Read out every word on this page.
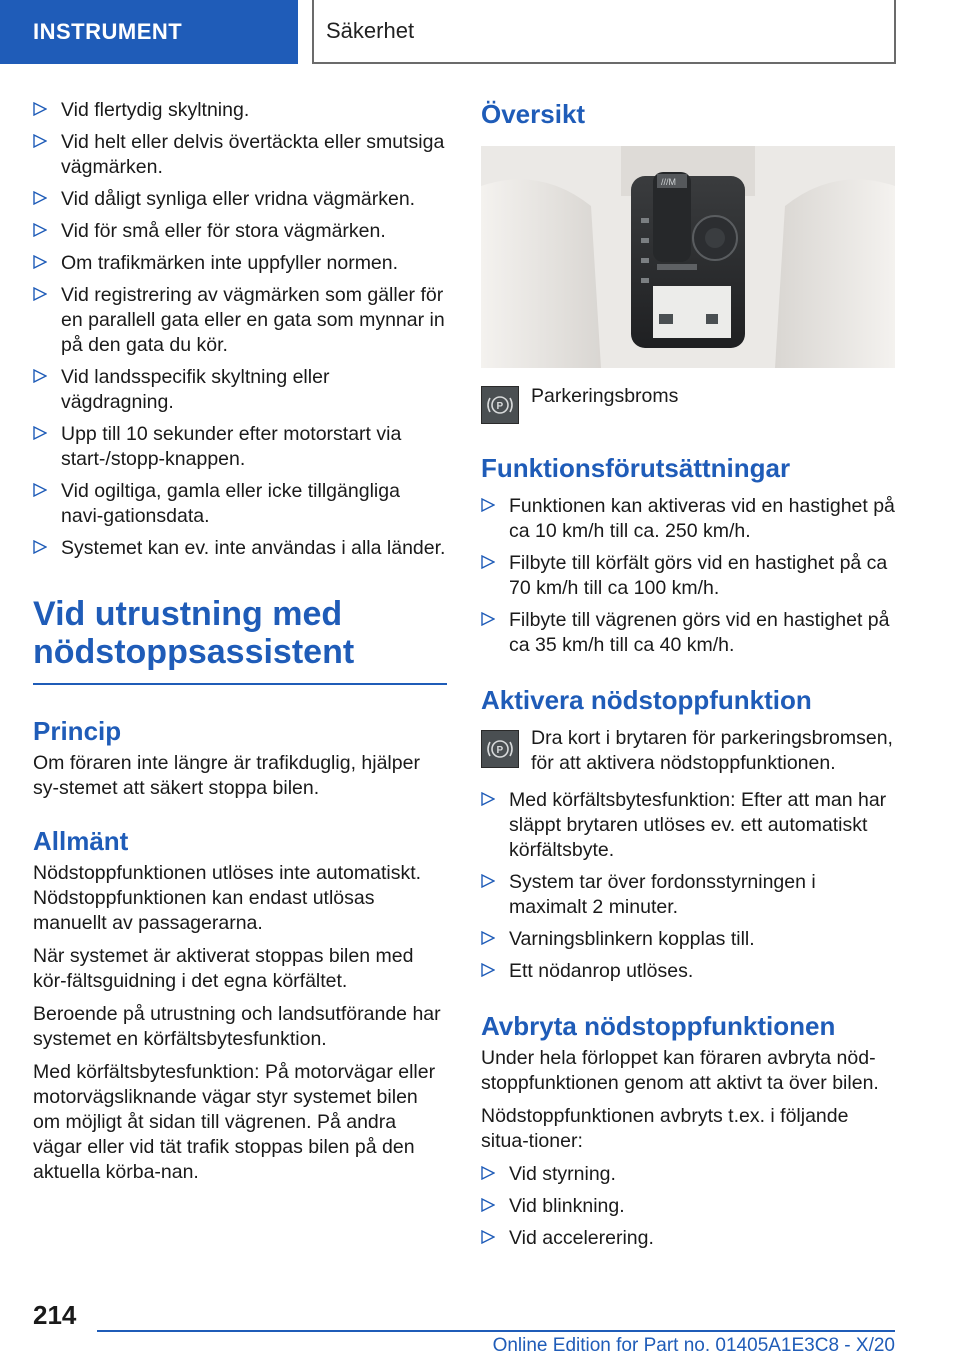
INSTRUMENT	Säkerhet
Vid flertydig skyltning.
Vid helt eller delvis övertäckta eller smutsiga vägmärken.
Vid dåligt synliga eller vridna vägmärken.
Vid för små eller för stora vägmärken.
Om trafikmärken inte uppfyller normen.
Vid registrering av vägmärken som gäller för en parallell gata eller en gata som mynnar in på den gata du kör.
Vid landsspecifik skyltning eller vägdragning.
Upp till 10 sekunder efter motorstart via start-/stopp-knappen.
Vid ogiltiga, gamla eller icke tillgängliga navi-gationsdata.
Systemet kan ev. inte användas i alla länder.
Vid utrustning med nödstoppsassistent
Princip

Om föraren inte längre är trafikduglig, hjälper sy-stemet att säkert stoppa bilen.

Allmänt

Nödstoppfunktionen utlöses inte automatiskt. Nödstoppfunktionen kan endast utlösas manuellt av passagerarna.

När systemet är aktiverat stoppas bilen med kör-fältsguidning i det egna körfältet.

Beroende på utrustning och landsutförande har systemet en körfältsbytesfunktion.

Med körfältsbytesfunktion: På motorvägar eller motorvägsliknande vägar styr systemet bilen om möjligt åt sidan till vägrenen. På andra vägar eller vid tät trafik stoppas bilen på den aktuella körba-nan.

Översikt
///M
P Parkeringsbroms

Funktionsförutsättningar
Funktionen kan aktiveras vid en hastighet på ca 10 km/h till ca. 250 km/h.
Filbyte till körfält görs vid en hastighet på ca 70 km/h till ca 100 km/h.
Filbyte till vägrenen görs vid en hastighet på ca 35 km/h till ca 40 km/h.
Aktivera nödstoppfunktion
P

Dra kort i brytaren för parkeringsbromsen, för att aktivera nödstoppfunktionen.

Med körfältsbytesfunktion: Efter att man har släppt brytaren utlöses ev. ett automatiskt körfältsbyte.
System tar över fordonsstyrningen i maximalt 2 minuter.
Varningsblinkern kopplas till.
Ett nödanrop utlöses.
Avbryta nödstoppfunktionen

Under hela förloppet kan föraren avbryta nöd-stoppfunktionen genom att aktivt ta över bilen.

Nödstoppfunktionen avbryts t.ex. i följande situa-tioner:

Vid styrning.
Vid blinkning.
Vid accelerering.
214
Online Edition for Part no. 01405A1E3C8 - X/20
